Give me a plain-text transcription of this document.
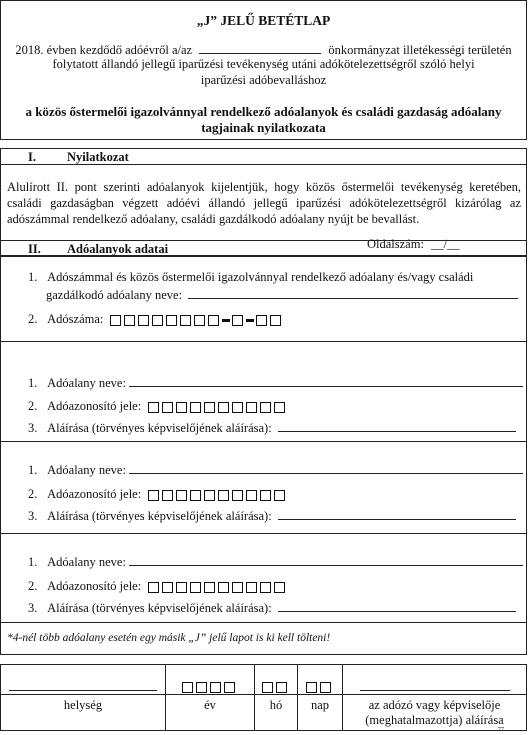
„J” JELŰ BETÉTLAP
2018. évben kezdődő adóévről a/az	önkormányzat illetékességi területén
folytatott állandó jellegű iparűzési tevékenység utáni adókötelezettségről szóló helyi
iparűzési adóbevalláshoz
a közös őstermelői igazolvánnyal rendelkező adóalanyok és családi gazdaság adóalany
tagjainak nyilatkozata
I. Nyilatkozat
Alulírott II. pont szerinti adóalanyok kijelentjük, hogy közös őstermelői tevékenység keretében, családi gazdaságban végzett adóévi állandó jellegű iparűzési adókötelezettségről kizárólag az adószámmal rendelkező adóalany, családi gazdálkodó adóalany nyújt be bevallást.
Oldalszám: __/__
II. Adóalanyok adatai
1. Adószámmal és közös őstermelői igazolvánnyal rendelkező adóalany és/vagy családi
gazdálkodó adóalany neve:
2. Adószáma:
1. Adóalany neve:
2. Adóazonosító jele:
3. Aláírása (törvényes képviselőjének aláírása):
1. Adóalany neve:
2. Adóazonosító jele:
3. Aláírása (törvényes képviselőjének aláírása):
1. Adóalany neve:
2. Adóazonosító jele:
3. Aláírása (törvényes képviselőjének aláírása):
*4-nél több adóalany esetén egy másik „J” jelű lapot is ki kell tölteni!

helység	év	hó	nap	az adózó vagy képviselője
(meghatalmazottja) aláírása
77
